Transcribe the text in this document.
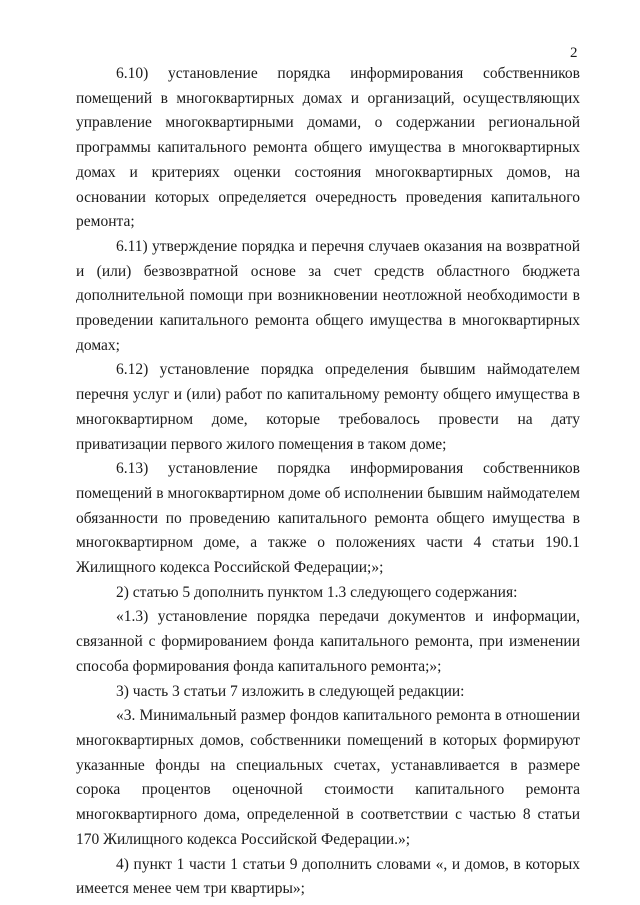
2

6.10) установление порядка информирования собственников помещений в многоквартирных домах и организаций, осуществляющих управление многоквартирными домами, о содержании региональной программы капитального ремонта общего имущества в многоквартирных домах и критериях оценки состояния многоквартирных домов, на основании которых определяется очередность проведения капитального ремонта;

6.11) утверждение порядка и перечня случаев оказания на возвратной и (или) безвозвратной основе за счет средств областного бюджета дополнительной помощи при возникновении неотложной необходимости в проведении капитального ремонта общего имущества в многоквартирных домах;

6.12) установление порядка определения бывшим наймодателем перечня услуг и (или) работ по капитальному ремонту общего имущества в многоквартирном доме, которые требовалось провести на дату приватизации первого жилого помещения в таком доме;

6.13) установление порядка информирования собственников помещений в многоквартирном доме об исполнении бывшим наймодателем обязанности по проведению капитального ремонта общего имущества в многоквартирном доме, а также о положениях части 4 статьи 190.1 Жилищного кодекса Российской Федерации;»;

2) статью 5 дополнить пунктом 1.3 следующего содержания:

«1.3) установление порядка передачи документов и информации, связанной с формированием фонда капитального ремонта, при изменении способа формирования фонда капитального ремонта;»;

3) часть 3 статьи 7 изложить в следующей редакции:

«3. Минимальный размер фондов капитального ремонта в отношении многоквартирных домов, собственники помещений в которых формируют указанные фонды на специальных счетах, устанавливается в размере сорока процентов оценочной стоимости капитального ремонта многоквартирного дома, определенной в соответствии с частью 8 статьи 170 Жилищного кодекса Российской Федерации.»;

4) пункт 1 части 1 статьи 9 дополнить словами «, и домов, в которых имеется менее чем три квартиры»;
